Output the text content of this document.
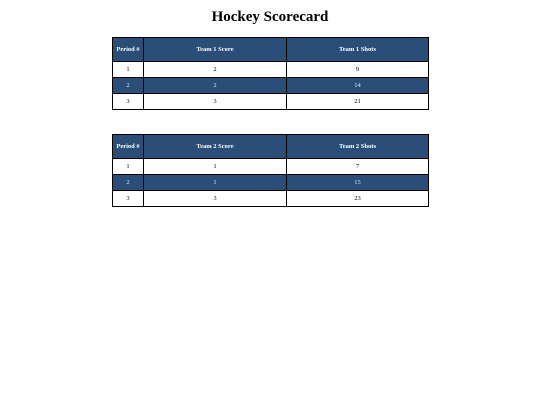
Hockey Scorecard
Period #	Team 1 Score	Team 1 Shots
1	2	9
2	2	14
3	3	21
Period #	Team 2 Score	Team 2 Shots
1	1	7
2	1	15
3	3	23
